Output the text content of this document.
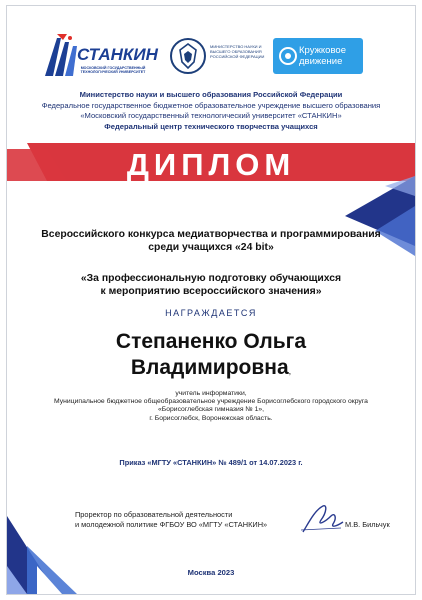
СТАНКИН
МОСКОВСКИЙ ГОСУДАРСТВЕННЫЙ ТЕХНОЛОГИЧЕСКИЙ УНИВЕРСИТЕТ
МИНИСТЕРСТВО НАУКИ И ВЫСШЕГО ОБРАЗОВАНИЯ РОССИЙСКОЙ ФЕДЕРАЦИИ
Кружковое
движение
Министерство науки и высшего образования Российской Федерации
Федеральное государственное бюджетное образовательное учреждение высшего образования
«Московский государственный технологический университет «СТАНКИН»
Федеральный центр технического творчества учащихся
ДИПЛОМ
Всероссийского конкурса медиатворчества и программирования
среди учащихся «24 bit»
«За профессиональную подготовку обучающихся
к мероприятию всероссийского значения»
НАГРАЖДАЕТСЯ
Степаненко Ольга
Владимировна,
учитель информатики,
Муниципальное бюджетное общеобразовательное учреждение Борисоглебского городского округа
«Борисоглебская гимназия № 1»,
г. Борисоглебск, Воронежская область.
Приказ «МГТУ «СТАНКИН» № 489/1 от 14.07.2023 г.
Проректор по образовательной деятельности
и молодежной политике ФГБОУ ВО «МГТУ «СТАНКИН»	М.В. Бильчук
Москва 2023
